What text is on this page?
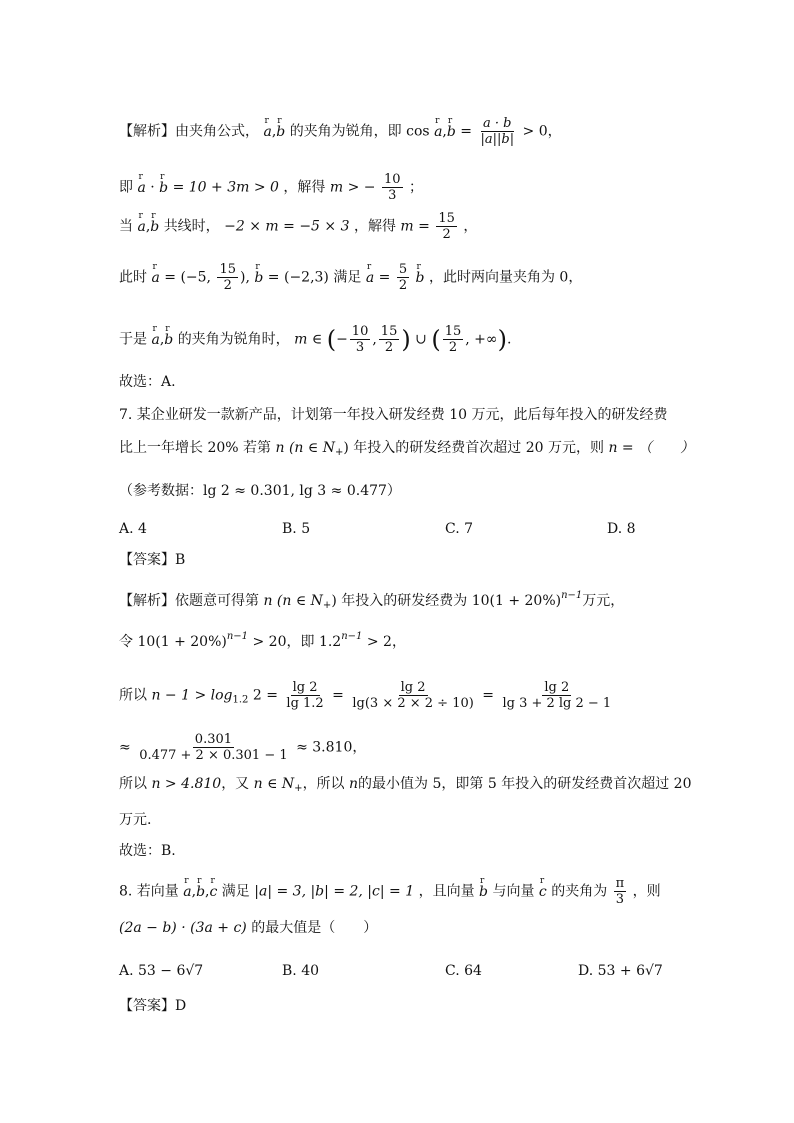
【解析】由夹角公式， r a,r b 的夹角为锐角，即 cos r a,r $b = \frac{a \cdot b}{|a||b|} > 0$，
即 r a · r b = 10 + 3m > 0 ，解得 m > − $\frac{10}{3}$ ；
当 r a,r b 共线时， −2 × m = −5 × 3 ，解得 $m = \frac{15}{2}$ ，
此时 r a = (−5, $\frac{15}{2}$ ), r b = (−2,3) 满足 r $a = \frac{5}{2}$ r b ，此时两向量夹角为 0，
于是 r a,r b 的夹角为锐角时， m ∈ (− $\frac{10}{3}$ , $\frac{15}{2}$ ) ∪ ( $\frac{15}{2}$ , +∞).
故选：A.
7. 某企业研发一款新产品，计划第一年投入研发经费 10 万元，此后每年投入的研发经费
比上一年增长 20% 若第 n (n ∈ $N_+$) 年投入的研发经费首次超过 20 万元，则 n = （　　）
（参考数据：lg 2 ≈ 0.301, lg 3 ≈ 0.477）
A. 4	B. 5	C. 7	D. 8
【答案】B
【解析】依题意可得第 n (n ∈ $N_+$) 年投入的研发经费为 $10(1 + 20\%)^{n-1}$万元，
令 $10(1 + 20\%)^{n-1} > 20$，即 $1.2^{n-1} > 2$，
所以 $n - 1 > \log_{1.2} 2 = \frac{\lg 2}{\lg 1.2} = \frac{\lg 2}{\lg(3 \times 2 \times 2 \div 10)} = \frac{\lg 2}{\lg 3 + 2 \lg 2 - 1}$
≈ $\frac{0.301}{0.477 + 2 \times 0.301 - 1} \approx 3.810$，
所以 n > 4.810，又 n ∈ $N_+$，所以 n的最小值为 5，即第 5 年投入的研发经费首次超过 20
万元.
故选：B.
8. 若向量 r a,r b,r c 满足 |a| = 3, |b| = 2, |c| = 1 ，且向量 r b 与向量 r c 的夹角为 $\frac{\pi}{3}$ ，则
(2a − b) · (3a + c) 的最大值是（　　）
A. 53 − 6√7	B. 40	C. 64	D. 53 + 6√7
【答案】D
